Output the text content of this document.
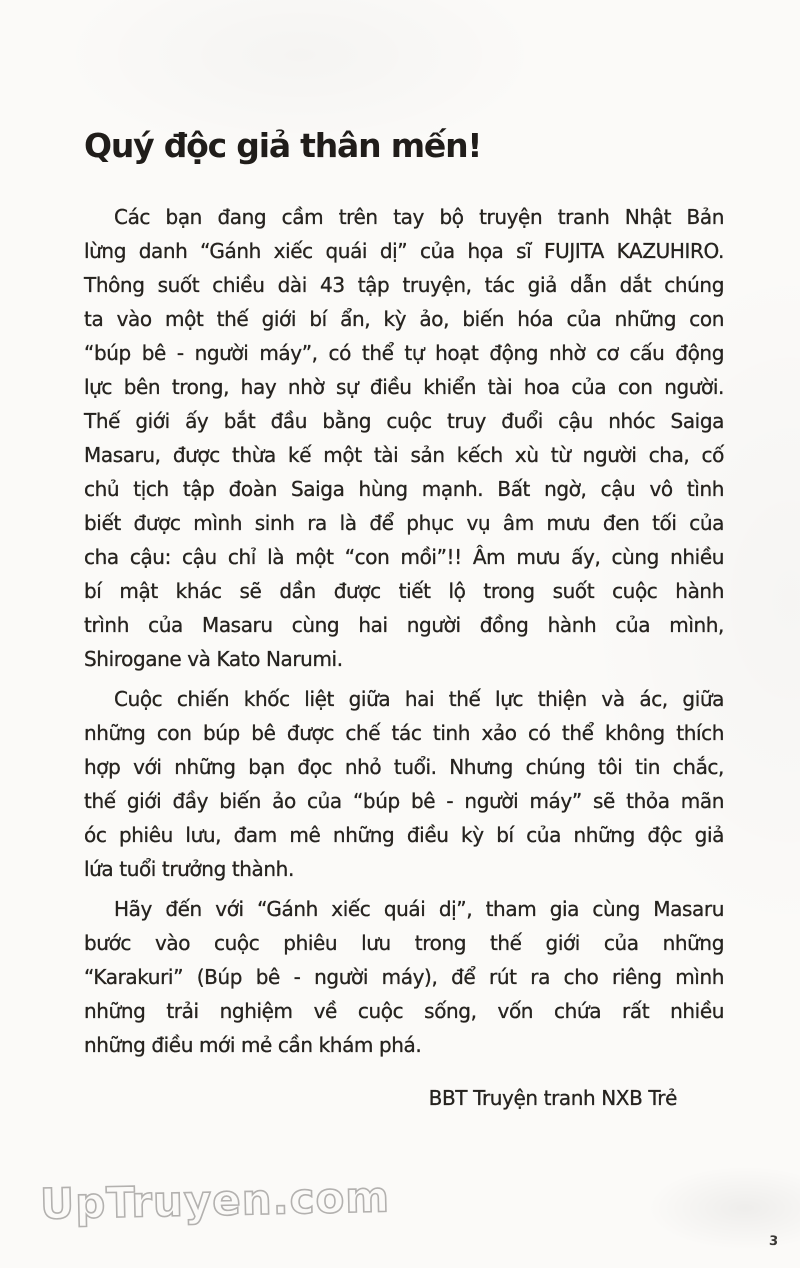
Quý độc giả thân mến!
Các bạn đang cầm trên tay bộ truyện tranh Nhật Bản
lừng danh “Gánh xiếc quái dị” của họa sĩ FUJITA KAZUHIRO.
Thông suốt chiều dài 43 tập truyện, tác giả dẫn dắt chúng
ta vào một thế giới bí ẩn, kỳ ảo, biến hóa của những con
“búp bê - người máy”, có thể tự hoạt động nhờ cơ cấu động
lực bên trong, hay nhờ sự điều khiển tài hoa của con người.
Thế giới ấy bắt đầu bằng cuộc truy đuổi cậu nhóc Saiga
Masaru, được thừa kế một tài sản kếch xù từ người cha, cố
chủ tịch tập đoàn Saiga hùng mạnh. Bất ngờ, cậu vô tình
biết được mình sinh ra là để phục vụ âm mưu đen tối của
cha cậu: cậu chỉ là một “con mồi”!! Âm mưu ấy, cùng nhiều
bí mật khác sẽ dần được tiết lộ trong suốt cuộc hành
trình của Masaru cùng hai người đồng hành của mình,
Shirogane và Kato Narumi.
Cuộc chiến khốc liệt giữa hai thế lực thiện và ác, giữa
những con búp bê được chế tác tinh xảo có thể không thích
hợp với những bạn đọc nhỏ tuổi. Nhưng chúng tôi tin chắc,
thế giới đầy biến ảo của “búp bê - người máy” sẽ thỏa mãn
óc phiêu lưu, đam mê những điều kỳ bí của những độc giả
lứa tuổi trưởng thành.
Hãy đến với “Gánh xiếc quái dị”, tham gia cùng Masaru
bước vào cuộc phiêu lưu trong thế giới của những
“Karakuri” (Búp bê - người máy), để rút ra cho riêng mình
những trải nghiệm về cuộc sống, vốn chứa rất nhiều
những điều mới mẻ cần khám phá.
BBT Truyện tranh NXB Trẻ
UpTruyen.com
3
